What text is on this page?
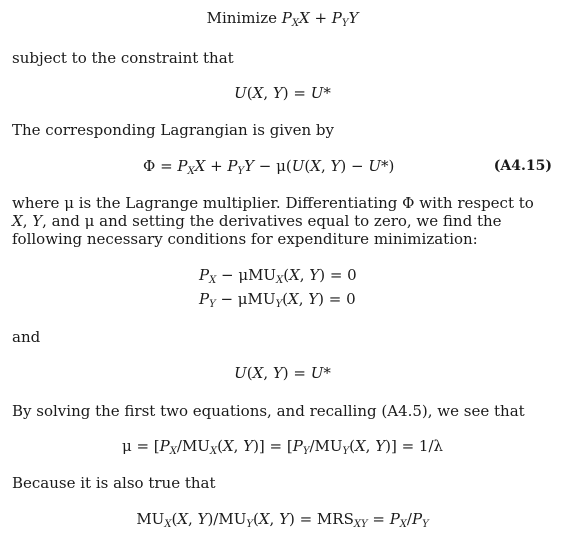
Minimize $P_XX + P_YY$
subject to the constraint that
U(X, Y) = U*
The corresponding Lagrangian is given by
$\Phi = P_XX + P_YY - \mu(U(X$, Y) − U*)	(A4.15)
where μ is the Lagrange multiplier. Differentiating Φ with respect to X, Y, and μ and setting the derivatives equal to zero, we find the following necessary conditions for expenditure minimization:
$P_X - \mu MU_X(X$, Y) = 0
$P_Y - \mu MU_Y(X$, Y) = 0
and
U(X, Y) = U*
By solving the first two equations, and recalling (A4.5), we see that
$\mu = [P_X/MU_X(X$, $Y)] = [P_Y/MU_Y(X$, Y)] = 1/λ
Because it is also true that
$MU_X(X$, $Y)/MU_Y(X$, $Y) = MRS_{XY} = P_X/P_Y$
